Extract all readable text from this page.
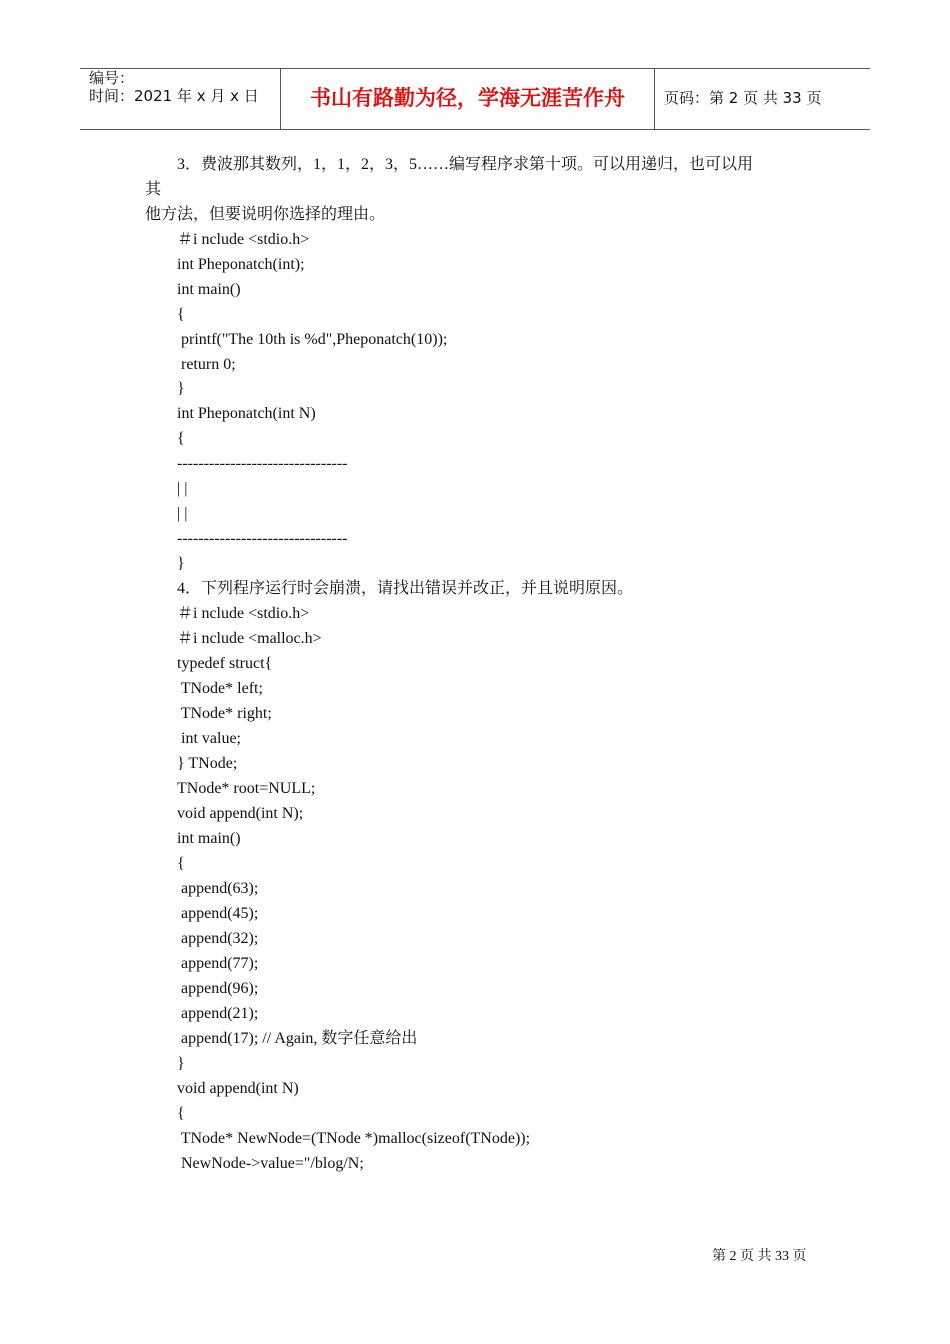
编号：
时间：2021 年 x 月 x 日	书山有路勤为径，学海无涯苦作舟	页码：第 2 页 共 33 页
3．费波那其数列，1，1，2，3，5……编写程序求第十项。可以用递归，也可以用
其
他方法，但要说明你选择的理由。
＃i nclude <stdio.h>
int Pheponatch(int);
int main()
{
printf("The 10th is %d",Pheponatch(10));
return 0;
}
int Pheponatch(int N)
{
--------------------------------
| |
| |
--------------------------------
}
4．下列程序运行时会崩溃，请找出错误并改正，并且说明原因。
＃i nclude <stdio.h>
＃i nclude <malloc.h>
typedef struct{
TNode* left;
TNode* right;
int value;
} TNode;
TNode* root=NULL;
void append(int N);
int main()
{
append(63);
append(45);
append(32);
append(77);
append(96);
append(21);
append(17); // Again, 数字任意给出
}
void append(int N)
{
TNode* NewNode=(TNode *)malloc(sizeof(TNode));
NewNode->value="/blog/N;
第 2 页 共 33 页
